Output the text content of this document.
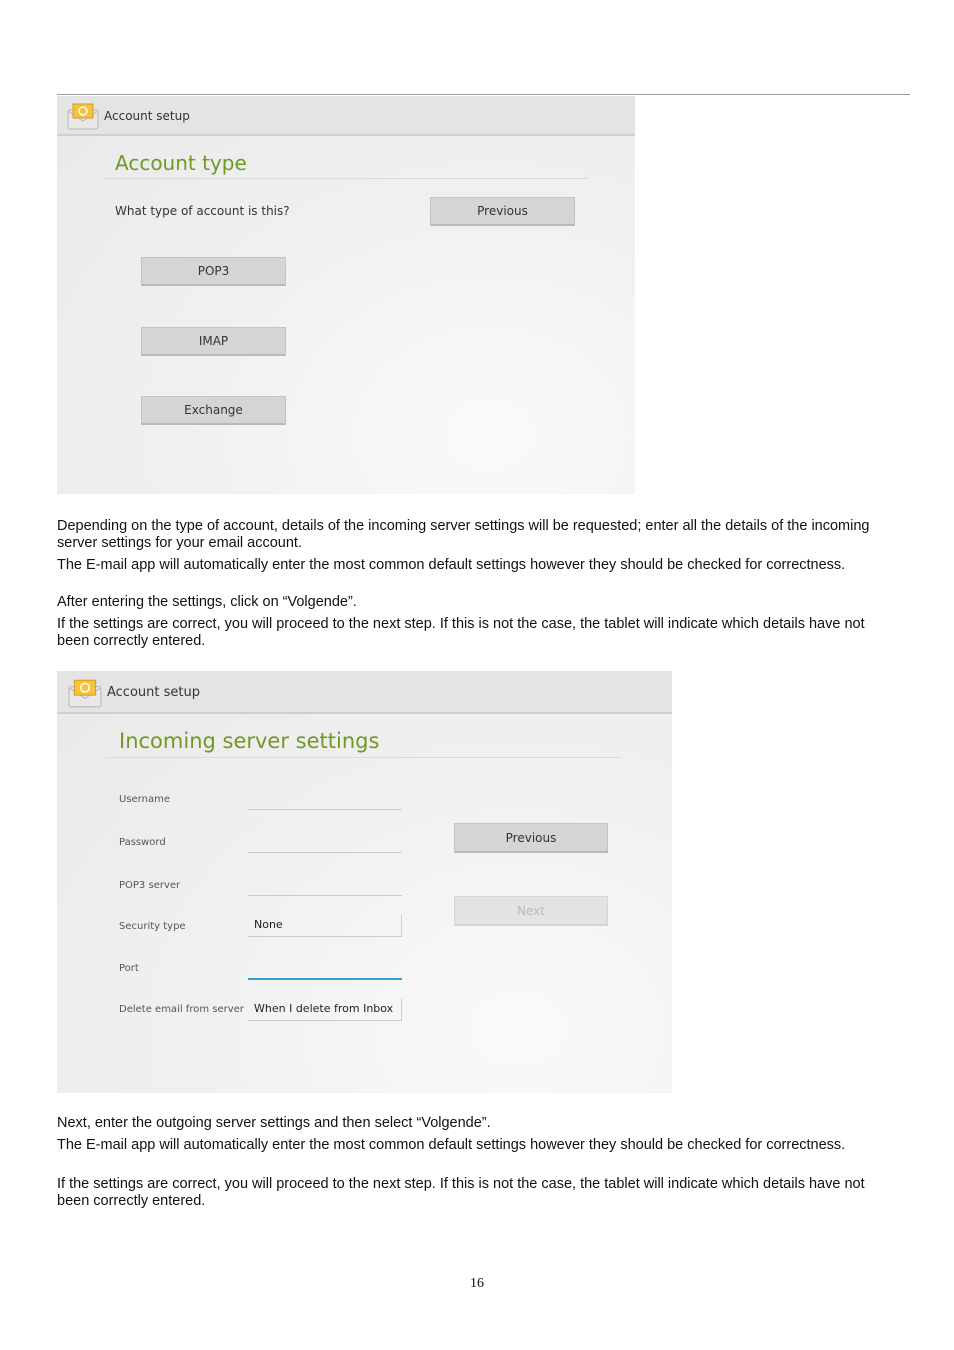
Account setup
Account type
What type of account is this?	Previous
POP3
IMAP
Exchange

Depending on the type of account, details of the incoming server settings will be requested; enter all the details of the incoming server settings for your email account.

The E-mail app will automatically enter the most common default settings however they should be checked for correctness.

After entering the settings, click on “Volgende”.

If the settings are correct, you will proceed to the next step. If this is not the case, the tablet will indicate which details have not been correctly entered.

Account setup
Incoming server settings
Username
Password
POP3 server
Security type	None
Port
Delete email from server When I delete from Inbox
Previous
Next

Next, enter the outgoing server settings and then select “Volgende”.

The E-mail app will automatically enter the most common default settings however they should be checked for correctness.

If the settings are correct, you will proceed to the next step. If this is not the case, the tablet will indicate which details have not been correctly entered.

16
